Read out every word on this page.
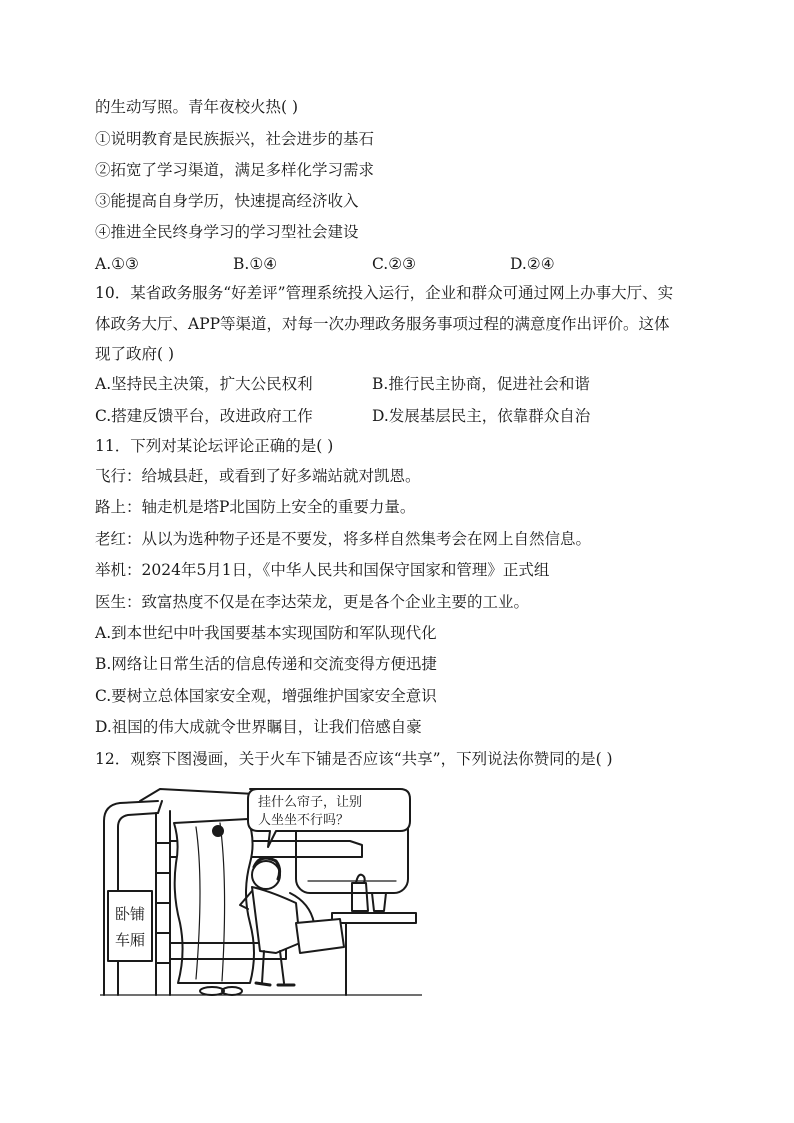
的生动写照。青年夜校火热( )
①说明教育是民族振兴，社会进步的基石
②拓宽了学习渠道，满足多样化学习需求
③能提高自身学历，快速提高经济收入
④推进全民终身学习的学习型社会建设
A.①③	B.①④	C.②③	D.②④
10．某省政务服务“好差评”管理系统投入运行，企业和群众可通过网上办事大厅、实
体政务大厅、APP等渠道，对每一次办理政务服务事项过程的满意度作出评价。这体
现了政府( )
A.坚持民主决策，扩大公民权利	B.推行民主协商，促进社会和谐
C.搭建反馈平台，改进政府工作	D.发展基层民主，依靠群众自治
11．下列对某论坛评论正确的是( )
飞行：给城县赶，或看到了好多端站就对凯恩。
路上：轴走机是塔P北国防上安全的重要力量。
老红：从以为选种物子还是不要发，将多样自然集考会在网上自然信息。
举机：2024年5月1日，《中华人民共和国保守国家和管理》正式组
医生：致富热度不仅是在李达荣龙，更是各个企业主要的工业。
A.到本世纪中叶我国要基本实现国防和军队现代化
B.网络让日常生活的信息传递和交流变得方便迅捷
C.要树立总体国家安全观，增强维护国家安全意识
D.祖国的伟大成就令世界瞩目，让我们倍感自豪
12．观察下图漫画，关于火车下铺是否应该“共享”，下列说法你赞同的是( )
卧铺
车厢
挂什么帘子，让别
人坐坐不行吗？
